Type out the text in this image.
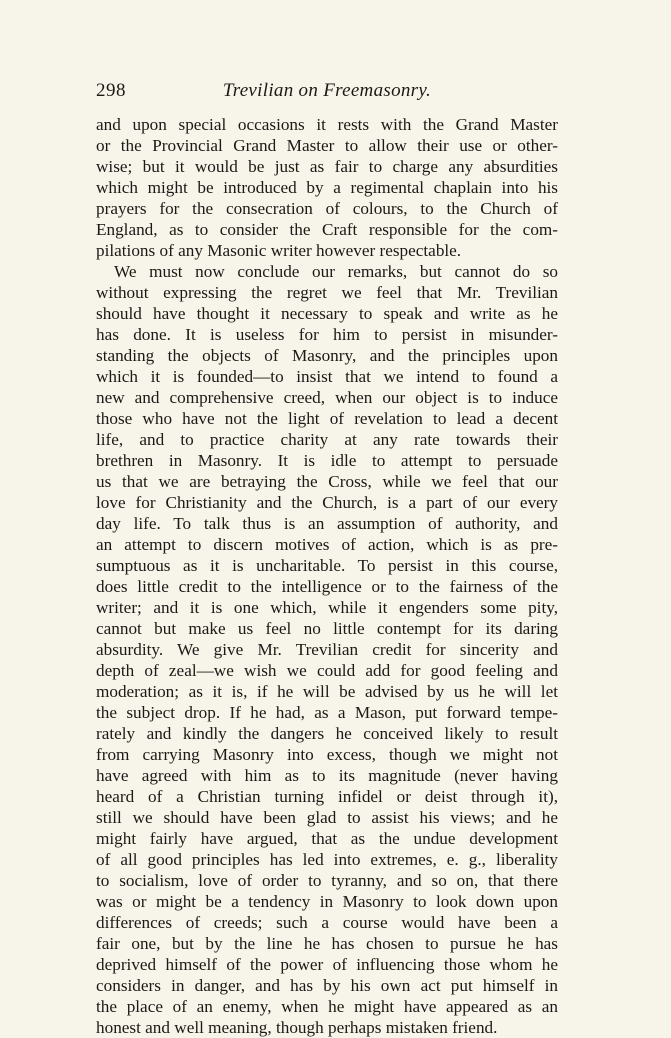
298	Trevilian on Freemasonry.
and upon special occasions it rests with the Grand Master
or the Provincial Grand Master to allow their use or other-
wise; but it would be just as fair to charge any absurdities
which might be introduced by a regimental chaplain into his
prayers for the consecration of colours, to the Church of
England, as to consider the Craft responsible for the com-
pilations of any Masonic writer however respectable.
We must now conclude our remarks, but cannot do so
without expressing the regret we feel that Mr. Trevilian
should have thought it necessary to speak and write as he
has done. It is useless for him to persist in misunder-
standing the objects of Masonry, and the principles upon
which it is founded—to insist that we intend to found a
new and comprehensive creed, when our object is to induce
those who have not the light of revelation to lead a decent
life, and to practice charity at any rate towards their
brethren in Masonry. It is idle to attempt to persuade
us that we are betraying the Cross, while we feel that our
love for Christianity and the Church, is a part of our every
day life. To talk thus is an assumption of authority, and
an attempt to discern motives of action, which is as pre-
sumptuous as it is uncharitable. To persist in this course,
does little credit to the intelligence or to the fairness of the
writer; and it is one which, while it engenders some pity,
cannot but make us feel no little contempt for its daring
absurdity. We give Mr. Trevilian credit for sincerity and
depth of zeal—we wish we could add for good feeling and
moderation; as it is, if he will be advised by us he will let
the subject drop. If he had, as a Mason, put forward tempe-
rately and kindly the dangers he conceived likely to result
from carrying Masonry into excess, though we might not
have agreed with him as to its magnitude (never having
heard of a Christian turning infidel or deist through it),
still we should have been glad to assist his views; and he
might fairly have argued, that as the undue development
of all good principles has led into extremes, e. g., liberality
to socialism, love of order to tyranny, and so on, that there
was or might be a tendency in Masonry to look down upon
differences of creeds; such a course would have been a
fair one, but by the line he has chosen to pursue he has
deprived himself of the power of influencing those whom he
considers in danger, and has by his own act put himself in
the place of an enemy, when he might have appeared as an
honest and well meaning, though perhaps mistaken friend.
